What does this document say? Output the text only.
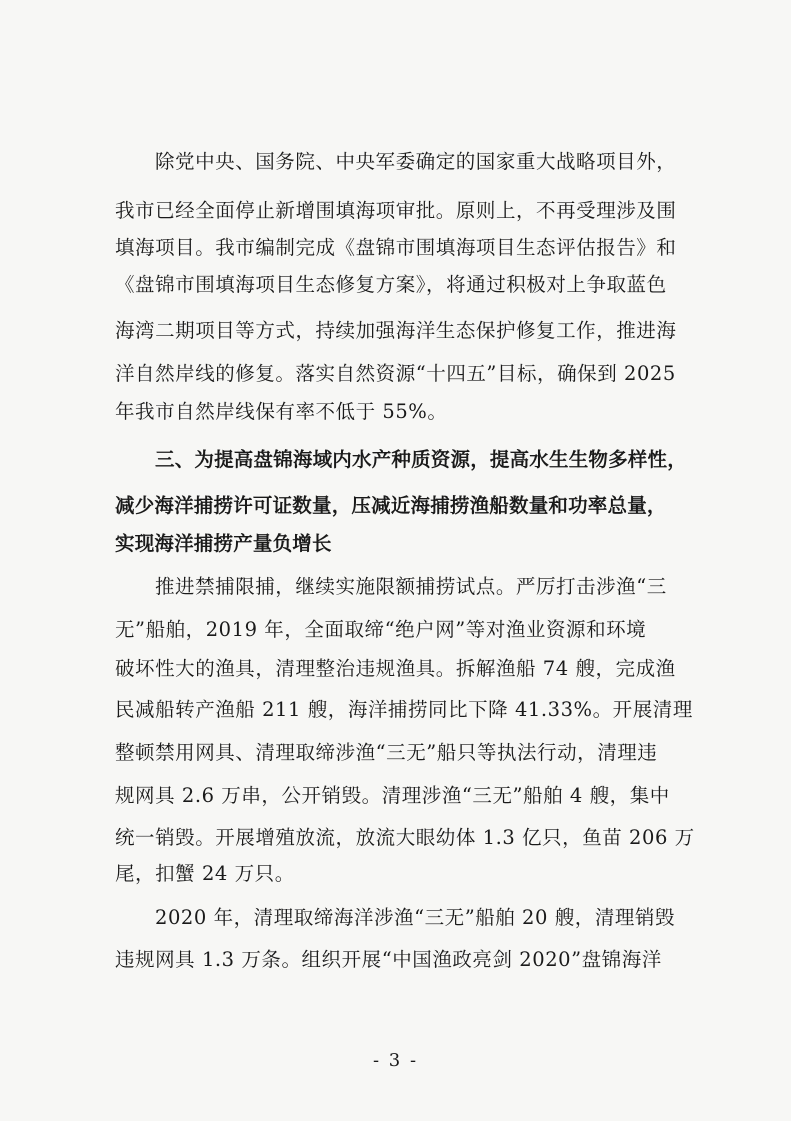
除党中央、国务院、中央军委确定的国家重大战略项目外，
我市已经全面停止新增围填海项审批。原则上，不再受理涉及围
填海项目。我市编制完成《盘锦市围填海项目生态评估报告》和
《盘锦市围填海项目生态修复方案》，将通过积极对上争取蓝色
海湾二期项目等方式，持续加强海洋生态保护修复工作，推进海
洋自然岸线的修复。落实自然资源“十四五”目标，确保到 2025
年我市自然岸线保有率不低于 55%。
三、为提高盘锦海域内水产种质资源，提高水生生物多样性，
减少海洋捕捞许可证数量，压减近海捕捞渔船数量和功率总量，
实现海洋捕捞产量负增长
推进禁捕限捕，继续实施限额捕捞试点。严厉打击涉渔“三
无”船舶，2019 年，全面取缔“绝户网”等对渔业资源和环境
破坏性大的渔具，清理整治违规渔具。拆解渔船 74 艘，完成渔
民减船转产渔船 211 艘，海洋捕捞同比下降 41.33%。开展清理
整顿禁用网具、清理取缔涉渔“三无”船只等执法行动，清理违
规网具 2.6 万串，公开销毁。清理涉渔“三无”船舶 4 艘，集中
统一销毁。开展增殖放流，放流大眼幼体 1.3 亿只，鱼苗 206 万
尾，扣蟹 24 万只。
2020 年，清理取缔海洋涉渔“三无”船舶 20 艘，清理销毁
违规网具 1.3 万条。组织开展“中国渔政亮剑 2020”盘锦海洋
- 3 -
